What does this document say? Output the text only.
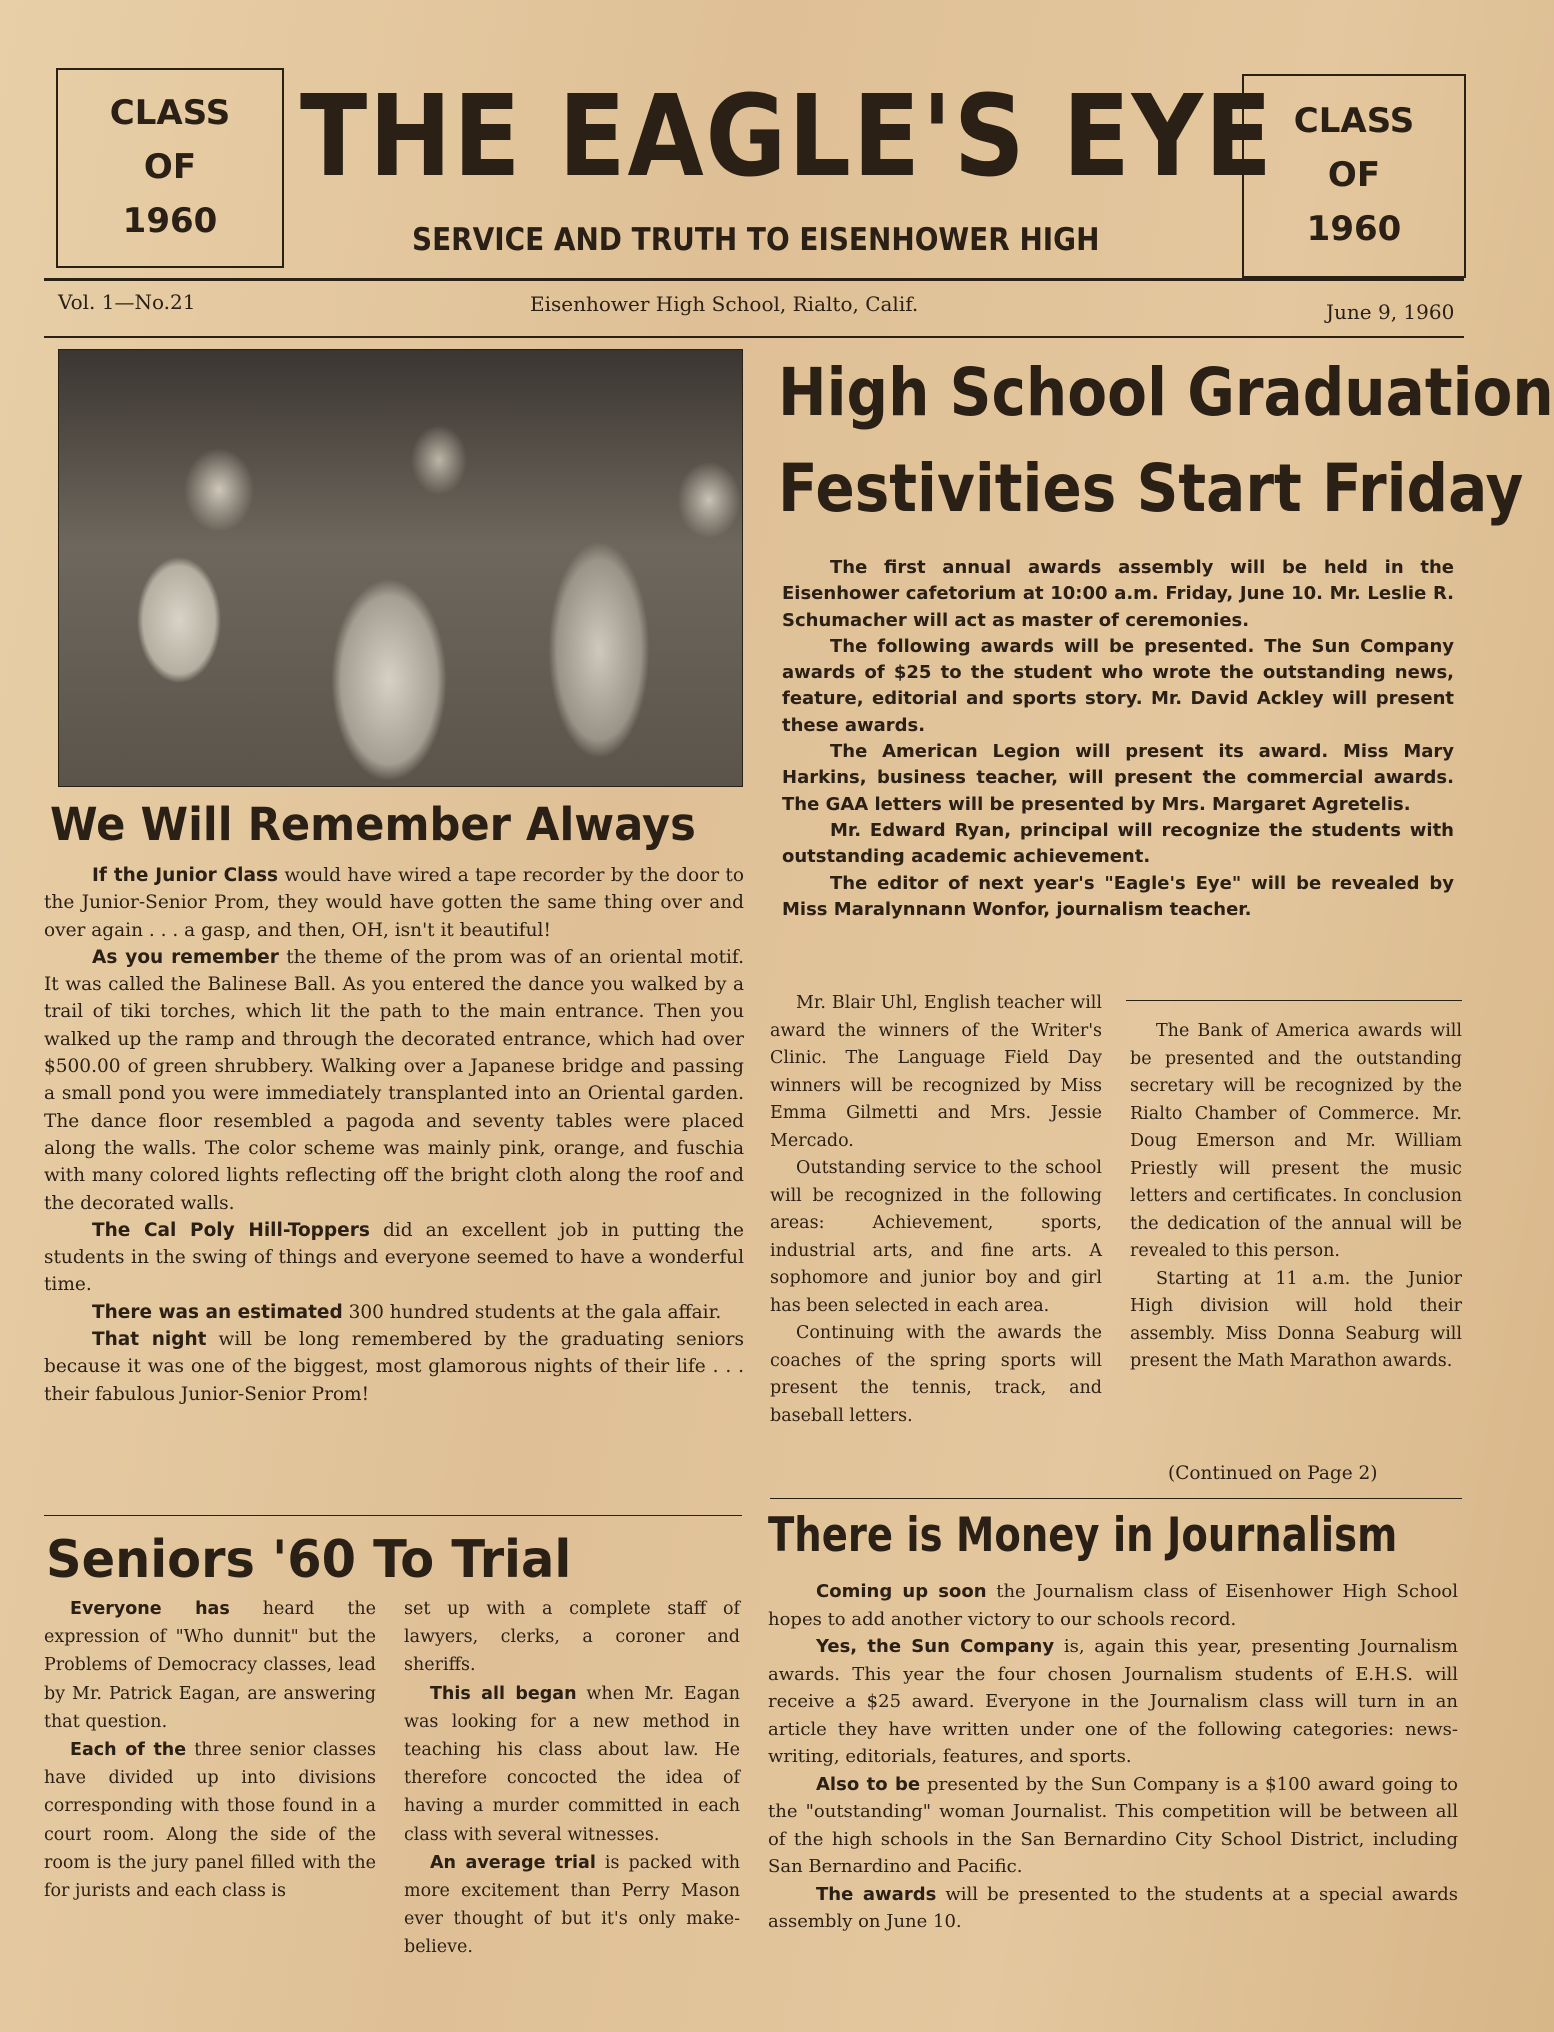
CLASS
OF
1960
THE EAGLE'S EYE
SERVICE AND TRUTH TO EISENHOWER HIGH
CLASS
OF
1960
Vol. 1—No.21	Eisenhower High School, Rialto, Calif.	June 9, 1960
We Will Remember Always

If the Junior Class would have wired a tape recorder by the door to the Junior-Senior Prom, they would have gotten the same thing over and over again . . . a gasp, and then, OH, isn't it beautiful!

As you remember the theme of the prom was of an oriental motif. It was called the Balinese Ball. As you entered the dance you walked by a trail of tiki torches, which lit the path to the main entrance. Then you walked up the ramp and through the decorated entrance, which had over $500.00 of green shrubbery. Walking over a Japanese bridge and passing a small pond you were immediately transplanted into an Oriental garden. The dance floor resembled a pagoda and seventy tables were placed along the walls. The color scheme was mainly pink, orange, and fuschia with many colored lights reflecting off the bright cloth along the roof and the decorated walls.

The Cal Poly Hill-Toppers did an excellent job in putting the students in the swing of things and everyone seemed to have a wonderful time.

There was an estimated 300 hundred students at the gala affair.

That night will be long remembered by the graduating seniors because it was one of the biggest, most glamorous nights of their life . . . their fabulous Junior-Senior Prom!

High School Graduation
Festivities Start Friday

The first annual awards assembly will be held in the Eisenhower cafetorium at 10:00 a.m. Friday, June 10. Mr. Leslie R. Schumacher will act as master of ceremonies.

The following awards will be presented. The Sun Company awards of $25 to the student who wrote the outstanding news, feature, editorial and sports story. Mr. David Ackley will present these awards.

The American Legion will present its award. Miss Mary Harkins, business teacher, will present the commercial awards. The GAA letters will be presented by Mrs. Margaret Agretelis.

Mr. Edward Ryan, principal will recognize the students with outstanding academic achievement.

The editor of next year's "Eagle's Eye" will be revealed by Miss Maralynnann Wonfor, journalism teacher.

Mr. Blair Uhl, English teacher will award the winners of the Writer's Clinic. The Language Field Day winners will be recognized by Miss Emma Gilmetti and Mrs. Jessie Mercado.

Outstanding service to the school will be recognized in the following areas: Achievement, sports, industrial arts, and fine arts. A sophomore and junior boy and girl has been selected in each area.

Continuing with the awards the coaches of the spring sports will present the tennis, track, and baseball letters.

The Bank of America awards will be presented and the outstanding secretary will be recognized by the Rialto Chamber of Commerce. Mr. Doug Emerson and Mr. William Priestly will present the music letters and certificates. In conclusion the dedication of the annual will be revealed to this person.

Starting at 11 a.m. the Junior High division will hold their assembly. Miss Donna Seaburg will present the Math Marathon awards.

(Continued on Page 2)
Seniors '60 To Trial

Everyone has heard the expression of "Who dunnit" but the Problems of Democracy classes, lead by Mr. Patrick Eagan, are answering that question.

Each of the three senior classes have divided up into divisions corresponding with those found in a court room. Along the side of the room is the jury panel filled with the for jurists and each class is

set up with a complete staff of lawyers, clerks, a coroner and sheriffs.

This all began when Mr. Eagan was looking for a new method in teaching his class about law. He therefore concocted the idea of having a murder committed in each class with several witnesses.

An average trial is packed with more excitement than Perry Mason ever thought of but it's only make-believe.

There is Money in Journalism

Coming up soon the Journalism class of Eisenhower High School hopes to add another victory to our schools record.

Yes, the Sun Company is, again this year, presenting Journalism awards. This year the four chosen Journalism students of E.H.S. will receive a $25 award. Everyone in the Journalism class will turn in an article they have written under one of the following categories: news-writing, editorials, features, and sports.

Also to be presented by the Sun Company is a $100 award going to the "outstanding" woman Journalist. This competition will be between all of the high schools in the San Bernardino City School District, including San Bernardino and Pacific.

The awards will be presented to the students at a special awards assembly on June 10.
